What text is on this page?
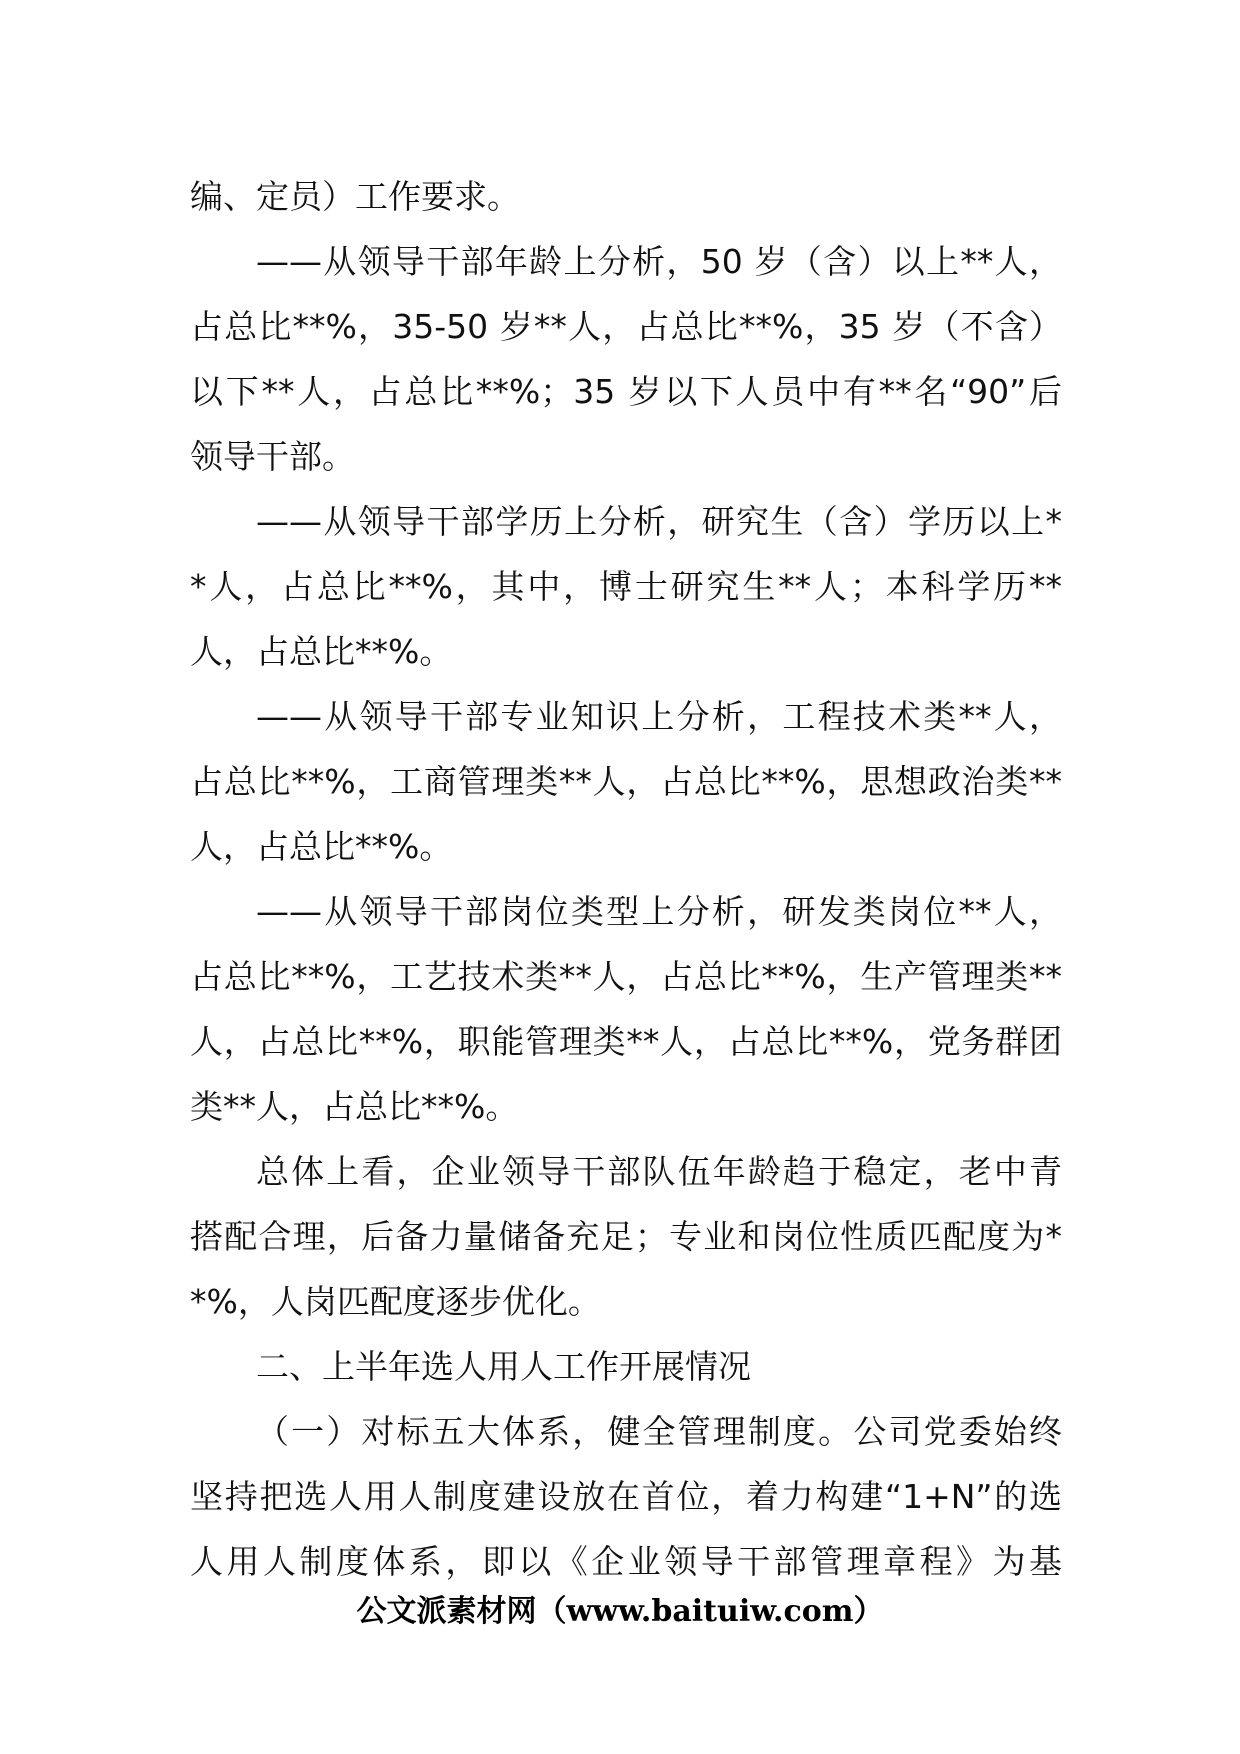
编、定员）工作要求。
——从领导干部年龄上分析，50 岁（含）以上**人，
占总比**%，35-50 岁**人，占总比**%，35 岁（不含）
以下**人，占总比**%；35 岁以下人员中有**名“90”后
领导干部。
——从领导干部学历上分析，研究生（含）学历以上*
*人，占总比**%，其中，博士研究生**人；本科学历**
人，占总比**%。
——从领导干部专业知识上分析，工程技术类**人，
占总比**%，工商管理类**人，占总比**%，思想政治类**
人，占总比**%。
——从领导干部岗位类型上分析，研发类岗位**人，
占总比**%，工艺技术类**人，占总比**%，生产管理类**
人，占总比**%，职能管理类**人，占总比**%，党务群团
类**人，占总比**%。
总体上看，企业领导干部队伍年龄趋于稳定，老中青
搭配合理，后备力量储备充足；专业和岗位性质匹配度为*
*%，人岗匹配度逐步优化。
二、上半年选人用人工作开展情况
（一）对标五大体系，健全管理制度。公司党委始终
坚持把选人用人制度建设放在首位，着力构建“1+N”的选
人用人制度体系，即以《企业领导干部管理章程》为基
公文派素材网（www.baituiw.com）
